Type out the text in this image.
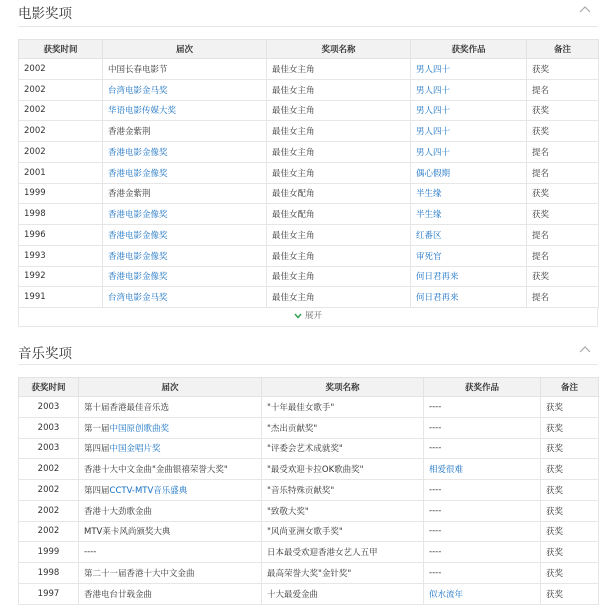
电影奖项
获奖时间	届次	奖项名称	获奖作品	备注
2002	中国长春电影节	最佳女主角	男人四十	获奖
2002	台湾电影金马奖	最佳女主角	男人四十	提名
2002	华语电影传媒大奖	最佳女主角	男人四十	获奖
2002	香港金紫荆	最佳女主角	男人四十	获奖
2002	香港电影金像奖	最佳女主角	男人四十	提名
2001	香港电影金像奖	最佳女主角	偶心假期	提名
1999	香港金紫荆	最佳女配角	半生缘	获奖
1998	香港电影金像奖	最佳女配角	半生缘	获奖
1996	香港电影金像奖	最佳女主角	红番区	提名
1993	香港电影金像奖	最佳女主角	审死官	提名
1992	香港电影金像奖	最佳女主角	何日君再来	获奖
1991	台湾电影金马奖	最佳女主角	何日君再来	提名
展开
音乐奖项
获奖时间	届次	奖项名称	获奖作品	备注
2003	第十届香港最佳音乐选	"十年最佳女歌手"	----	获奖
2003	第一届中国原创歌曲奖	"杰出贡献奖"	----	获奖
2003	第四届中国金唱片奖	"评委会艺术成就奖"	----	获奖
2002	香港十大中文金曲"金曲银禧荣誉大奖"	"最受欢迎卡拉OK歌曲奖"	相爱很难	获奖
2002	第四届CCTV-MTV音乐盛典	"音乐特殊贡献奖"	----	获奖
2002	香港十大劲歌金曲	"致敬大奖"	----	获奖
2002	MTV莱卡风尚颁奖大典	"风尚亚洲女歌手奖"	----	获奖
1999	----	日本最受欢迎香港女艺人五甲	----	获奖
1998	第二十一届香港十大中文金曲	最高荣誉大奖"金针奖"	----	获奖
1997	香港电台廿载金曲	十大最爱金曲	似水流年	获奖
